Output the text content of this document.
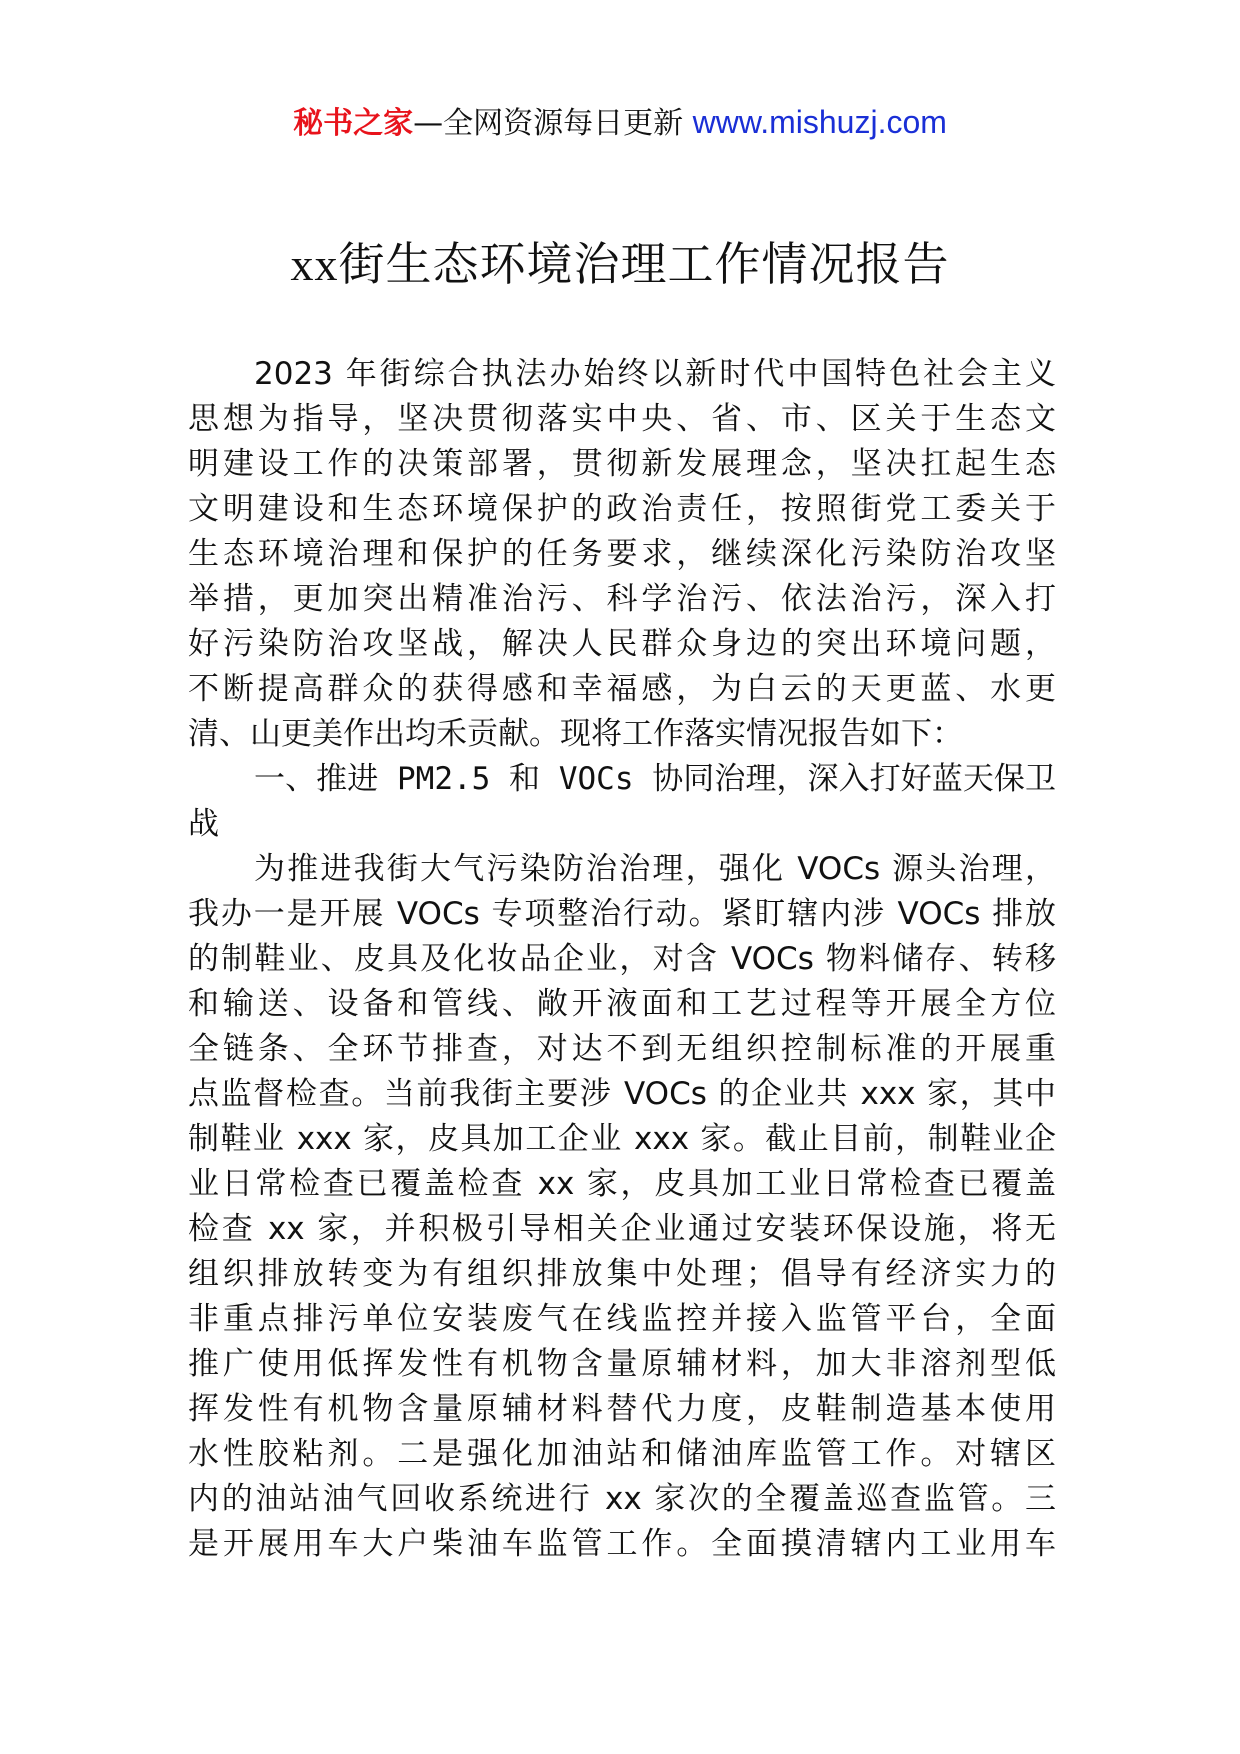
秘书之家—全网资源每日更新 www.mishuzj.com
xx街生态环境治理工作情况报告
2023 年街综合执法办始终以新时代中国特色社会主义
思想为指导，坚决贯彻落实中央、省、市、区关于生态文
明建设工作的决策部署，贯彻新发展理念，坚决扛起生态
文明建设和生态环境保护的政治责任，按照街党工委关于
生态环境治理和保护的任务要求，继续深化污染防治攻坚
举措，更加突出精准治污、科学治污、依法治污，深入打
好污染防治攻坚战，解决人民群众身边的突出环境问题，
不断提高群众的获得感和幸福感，为白云的天更蓝、水更
清、山更美作出均禾贡献。现将工作落实情况报告如下：
一、推进 PM2.5 和 VOCs 协同治理，深入打好蓝天保卫
战
为推进我街大气污染防治治理，强化 VOCs 源头治理，
我办一是开展 VOCs 专项整治行动。紧盯辖内涉 VOCs 排放
的制鞋业、皮具及化妆品企业，对含 VOCs 物料储存、转移
和输送、设备和管线、敞开液面和工艺过程等开展全方位
全链条、全环节排查，对达不到无组织控制标准的开展重
点监督检查。当前我街主要涉 VOCs 的企业共 xxx 家，其中
制鞋业 xxx 家，皮具加工企业 xxx 家。截止目前，制鞋业企
业日常检查已覆盖检查 xx 家，皮具加工业日常检查已覆盖
检查 xx 家，并积极引导相关企业通过安装环保设施，将无
组织排放转变为有组织排放集中处理；倡导有经济实力的
非重点排污单位安装废气在线监控并接入监管平台，全面
推广使用低挥发性有机物含量原辅材料，加大非溶剂型低
挥发性有机物含量原辅材料替代力度，皮鞋制造基本使用
水性胶粘剂。二是强化加油站和储油库监管工作。对辖区
内的油站油气回收系统进行 xx 家次的全覆盖巡查监管。三
是开展用车大户柴油车监管工作。全面摸清辖内工业用车
